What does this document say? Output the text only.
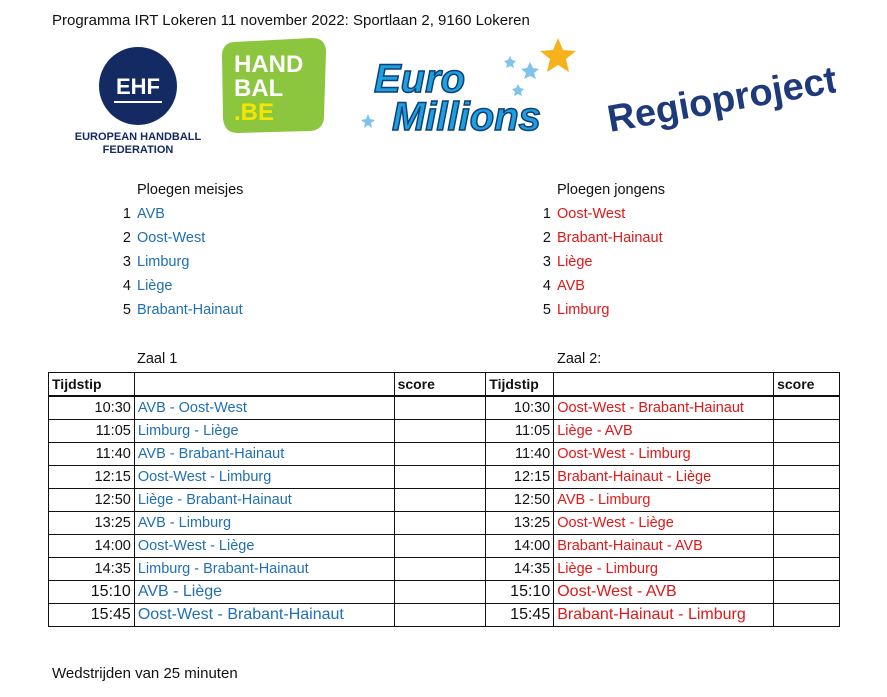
Programma IRT Lokeren 11 november 2022: Sportlaan 2, 9160 Lokeren
EHF
EUROPEAN HANDBALL
FEDERATION
HAND
BAL
.BE
Euro
Millions Regioproject
Ploegen meisjes
1 AVB
2 Oost-West
3 Limburg
4 Liège
5 Brabant-Hainaut
Ploegen jongens
1 Oost-West
2 Brabant-Hainaut
3 Liège
4 AVB
5 Limburg
Zaal 1	Zaal 2:
Tijdstip		score	Tijdstip		score
10:30	AVB - Oost-West		10:30	Oost-West - Brabant-Hainaut	
11:05	Limburg - Liège		11:05	Liège - AVB	
11:40	AVB - Brabant-Hainaut		11:40	Oost-West - Limburg	
12:15	Oost-West - Limburg		12:15	Brabant-Hainaut - Liège	
12:50	Liège - Brabant-Hainaut		12:50	AVB - Limburg	
13:25	AVB - Limburg		13:25	Oost-West - Liège	
14:00	Oost-West - Liège		14:00	Brabant-Hainaut - AVB	
14:35	Limburg - Brabant-Hainaut		14:35	Liège - Limburg	
15:10	AVB - Liège		15:10	Oost-West - AVB	
15:45	Oost-West - Brabant-Hainaut		15:45	Brabant-Hainaut - Limburg	
Wedstrijden van 25 minuten
